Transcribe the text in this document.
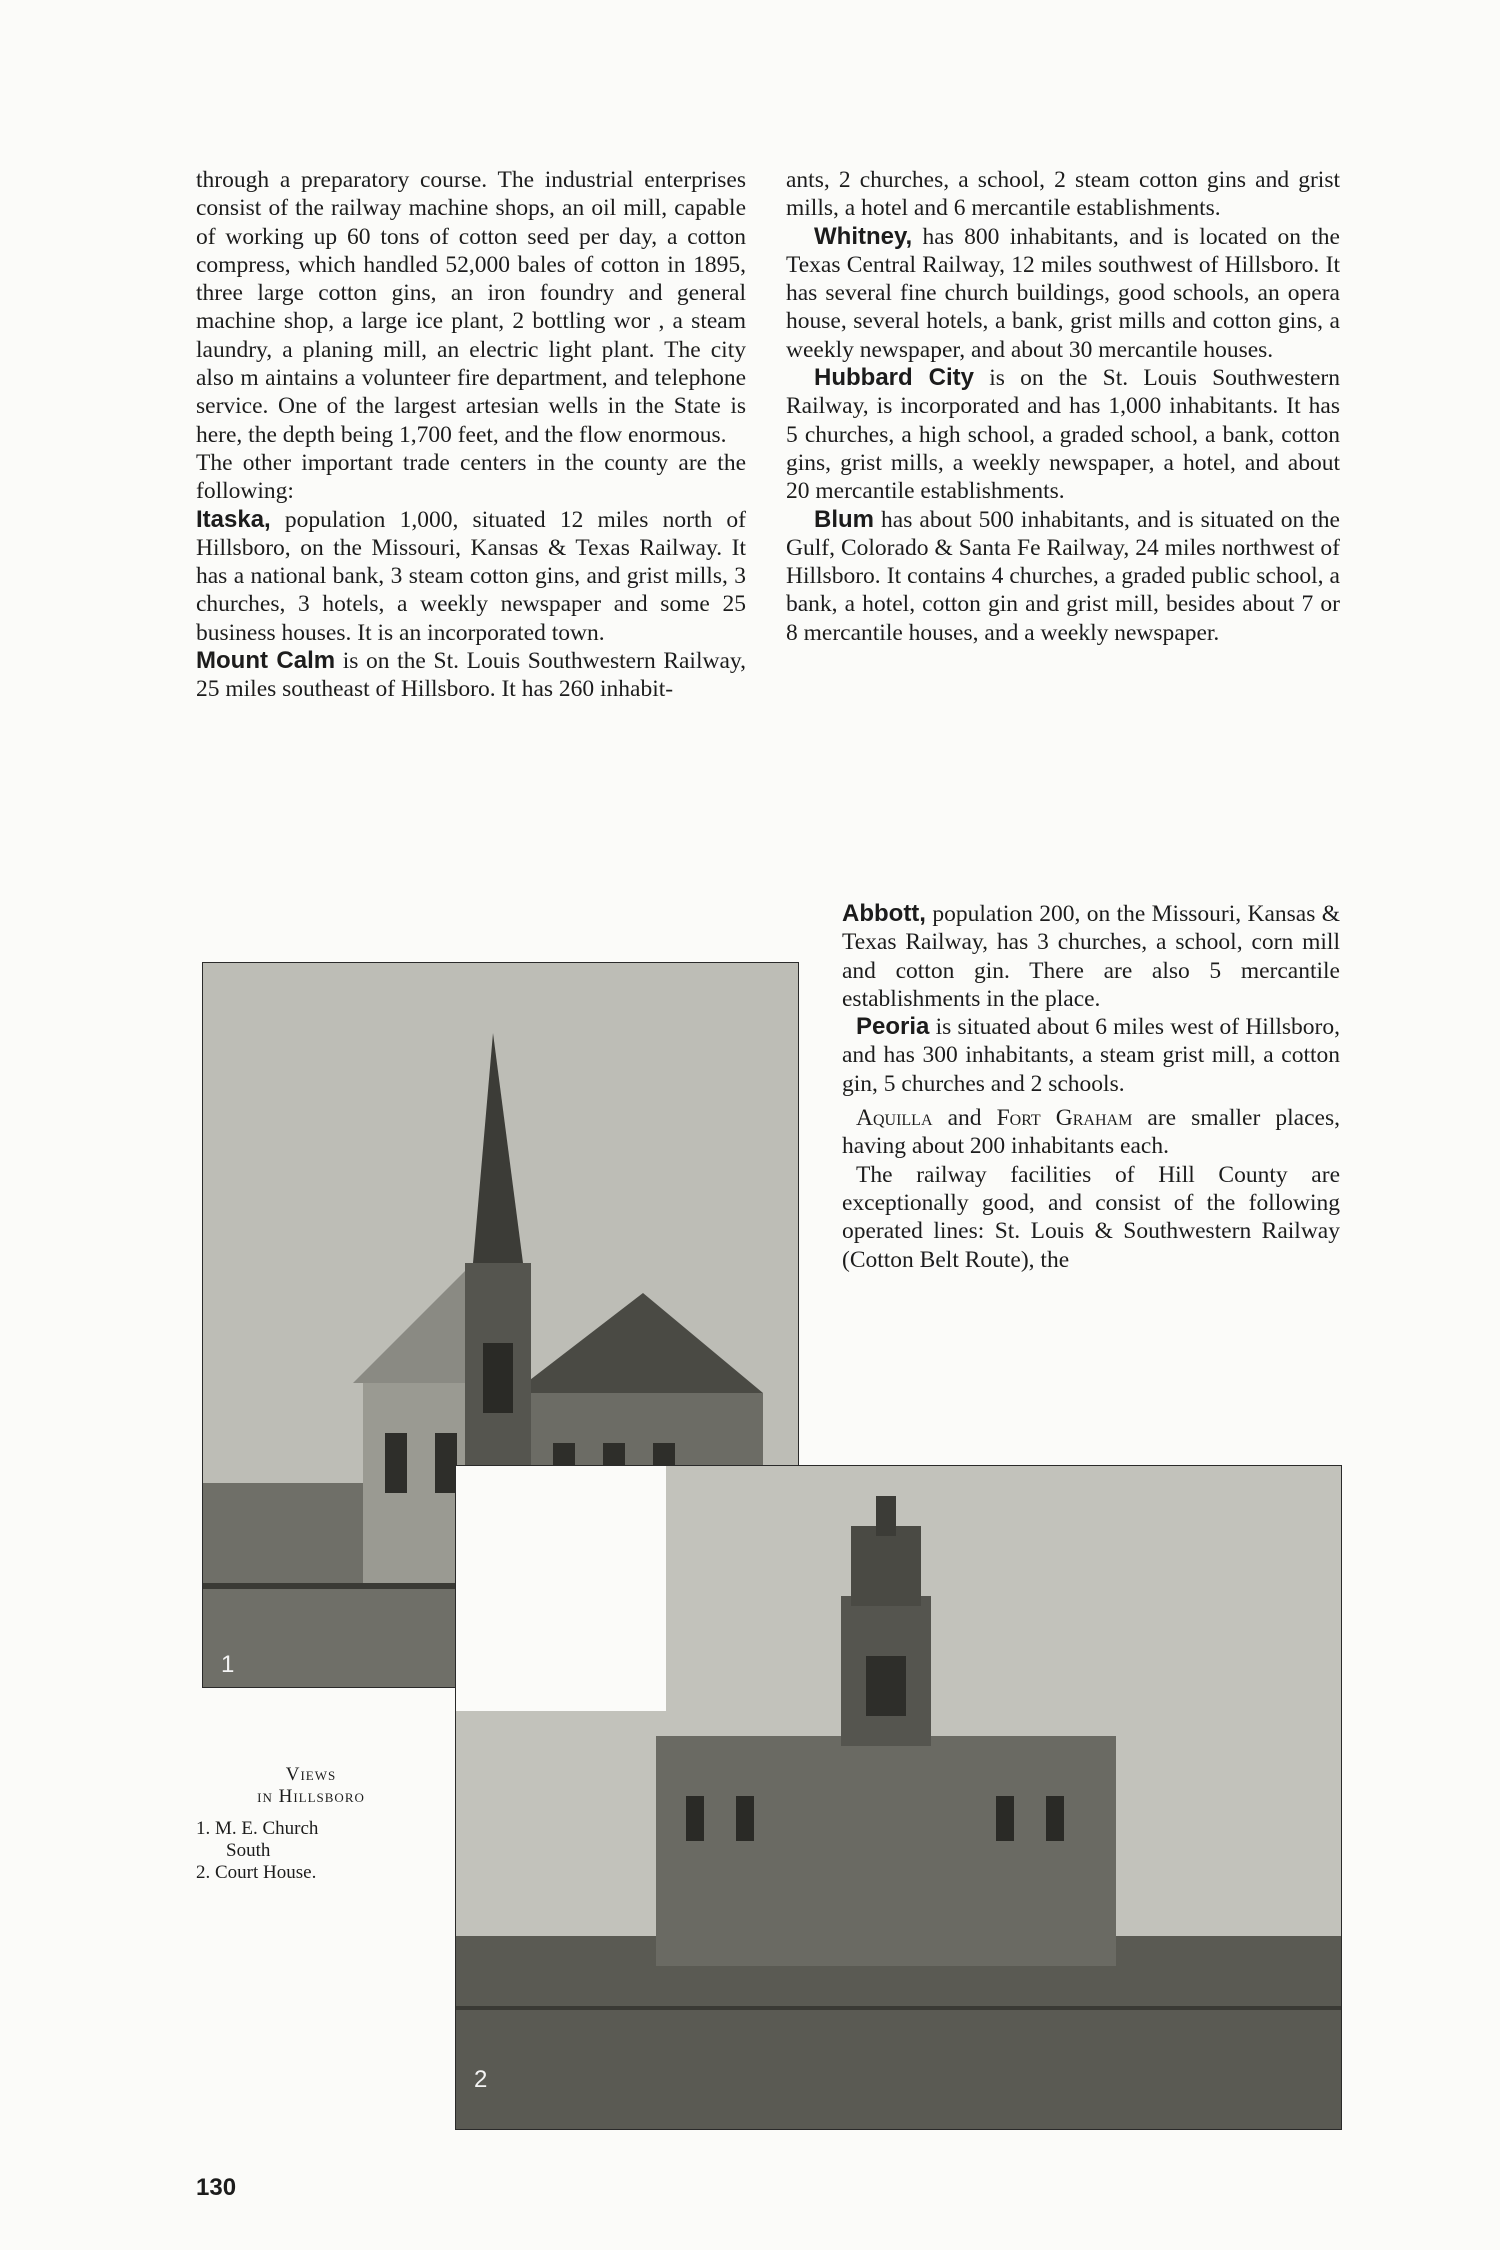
through a preparatory course. The industrial enterprises consist of the railway machine shops, an oil mill, capable of working up 60 tons of cotton seed per day, a cotton compress, which handled 52,000 bales of cotton in 1895, three large cotton gins, an iron foundry and general machine shop, a large ice plant, 2 bottling wor , a steam laundry, a planing mill, an electric light plant. The city also m aintains a volunteer fire department, and telephone service. One of the largest artesian wells in the State is here, the depth being 1,700 feet, and the flow enormous.

The other important trade centers in the county are the following:

Itaska, population 1,000, situated 12 miles north of Hillsboro, on the Missouri, Kansas & Texas Railway. It has a national bank, 3 steam cotton gins, and grist mills, 3 churches, 3 hotels, a weekly newspaper and some 25 business houses. It is an incorporated town.

Mount Calm is on the St. Louis Southwestern Railway, 25 miles southeast of Hillsboro. It has 260 inhabit-

ants, 2 churches, a school, 2 steam cotton gins and grist mills, a hotel and 6 mercantile establishments.

Whitney, has 800 inhabitants, and is located on the Texas Central Railway, 12 miles southwest of Hillsboro. It has several fine church buildings, good schools, an opera house, several hotels, a bank, grist mills and cotton gins, a weekly newspaper, and about 30 mercantile houses.

Hubbard City is on the St. Louis Southwestern Railway, is incorporated and has 1,000 inhabitants. It has 5 churches, a high school, a graded school, a bank, cotton gins, grist mills, a weekly newspaper, a hotel, and about 20 mercantile establishments.

Blum has about 500 inhabitants, and is situated on the Gulf, Colorado & Santa Fe Railway, 24 miles northwest of Hillsboro. It contains 4 churches, a graded public school, a bank, a hotel, cotton gin and grist mill, besides about 7 or 8 mercantile houses, and a weekly newspaper.

Abbott, population 200, on the Missouri, Kansas & Texas Railway, has 3 churches, a school, corn mill and cotton gin. There are also 5 mercantile establishments in the place.

Peoria is situated about 6 miles west of Hillsboro, and has 300 inhabitants, a steam grist mill, a cotton gin, 5 churches and 2 schools.

Aquilla and Fort Graham are smaller places, having about 200 inhabitants each.

The railway facilities of Hill County are exceptionally good, and consist of the following operated lines: St. Louis & Southwestern Railway (Cotton Belt Route), the

1
2

Views
in Hillsboro

1. M. E. Church
South

2. Court House.

130
